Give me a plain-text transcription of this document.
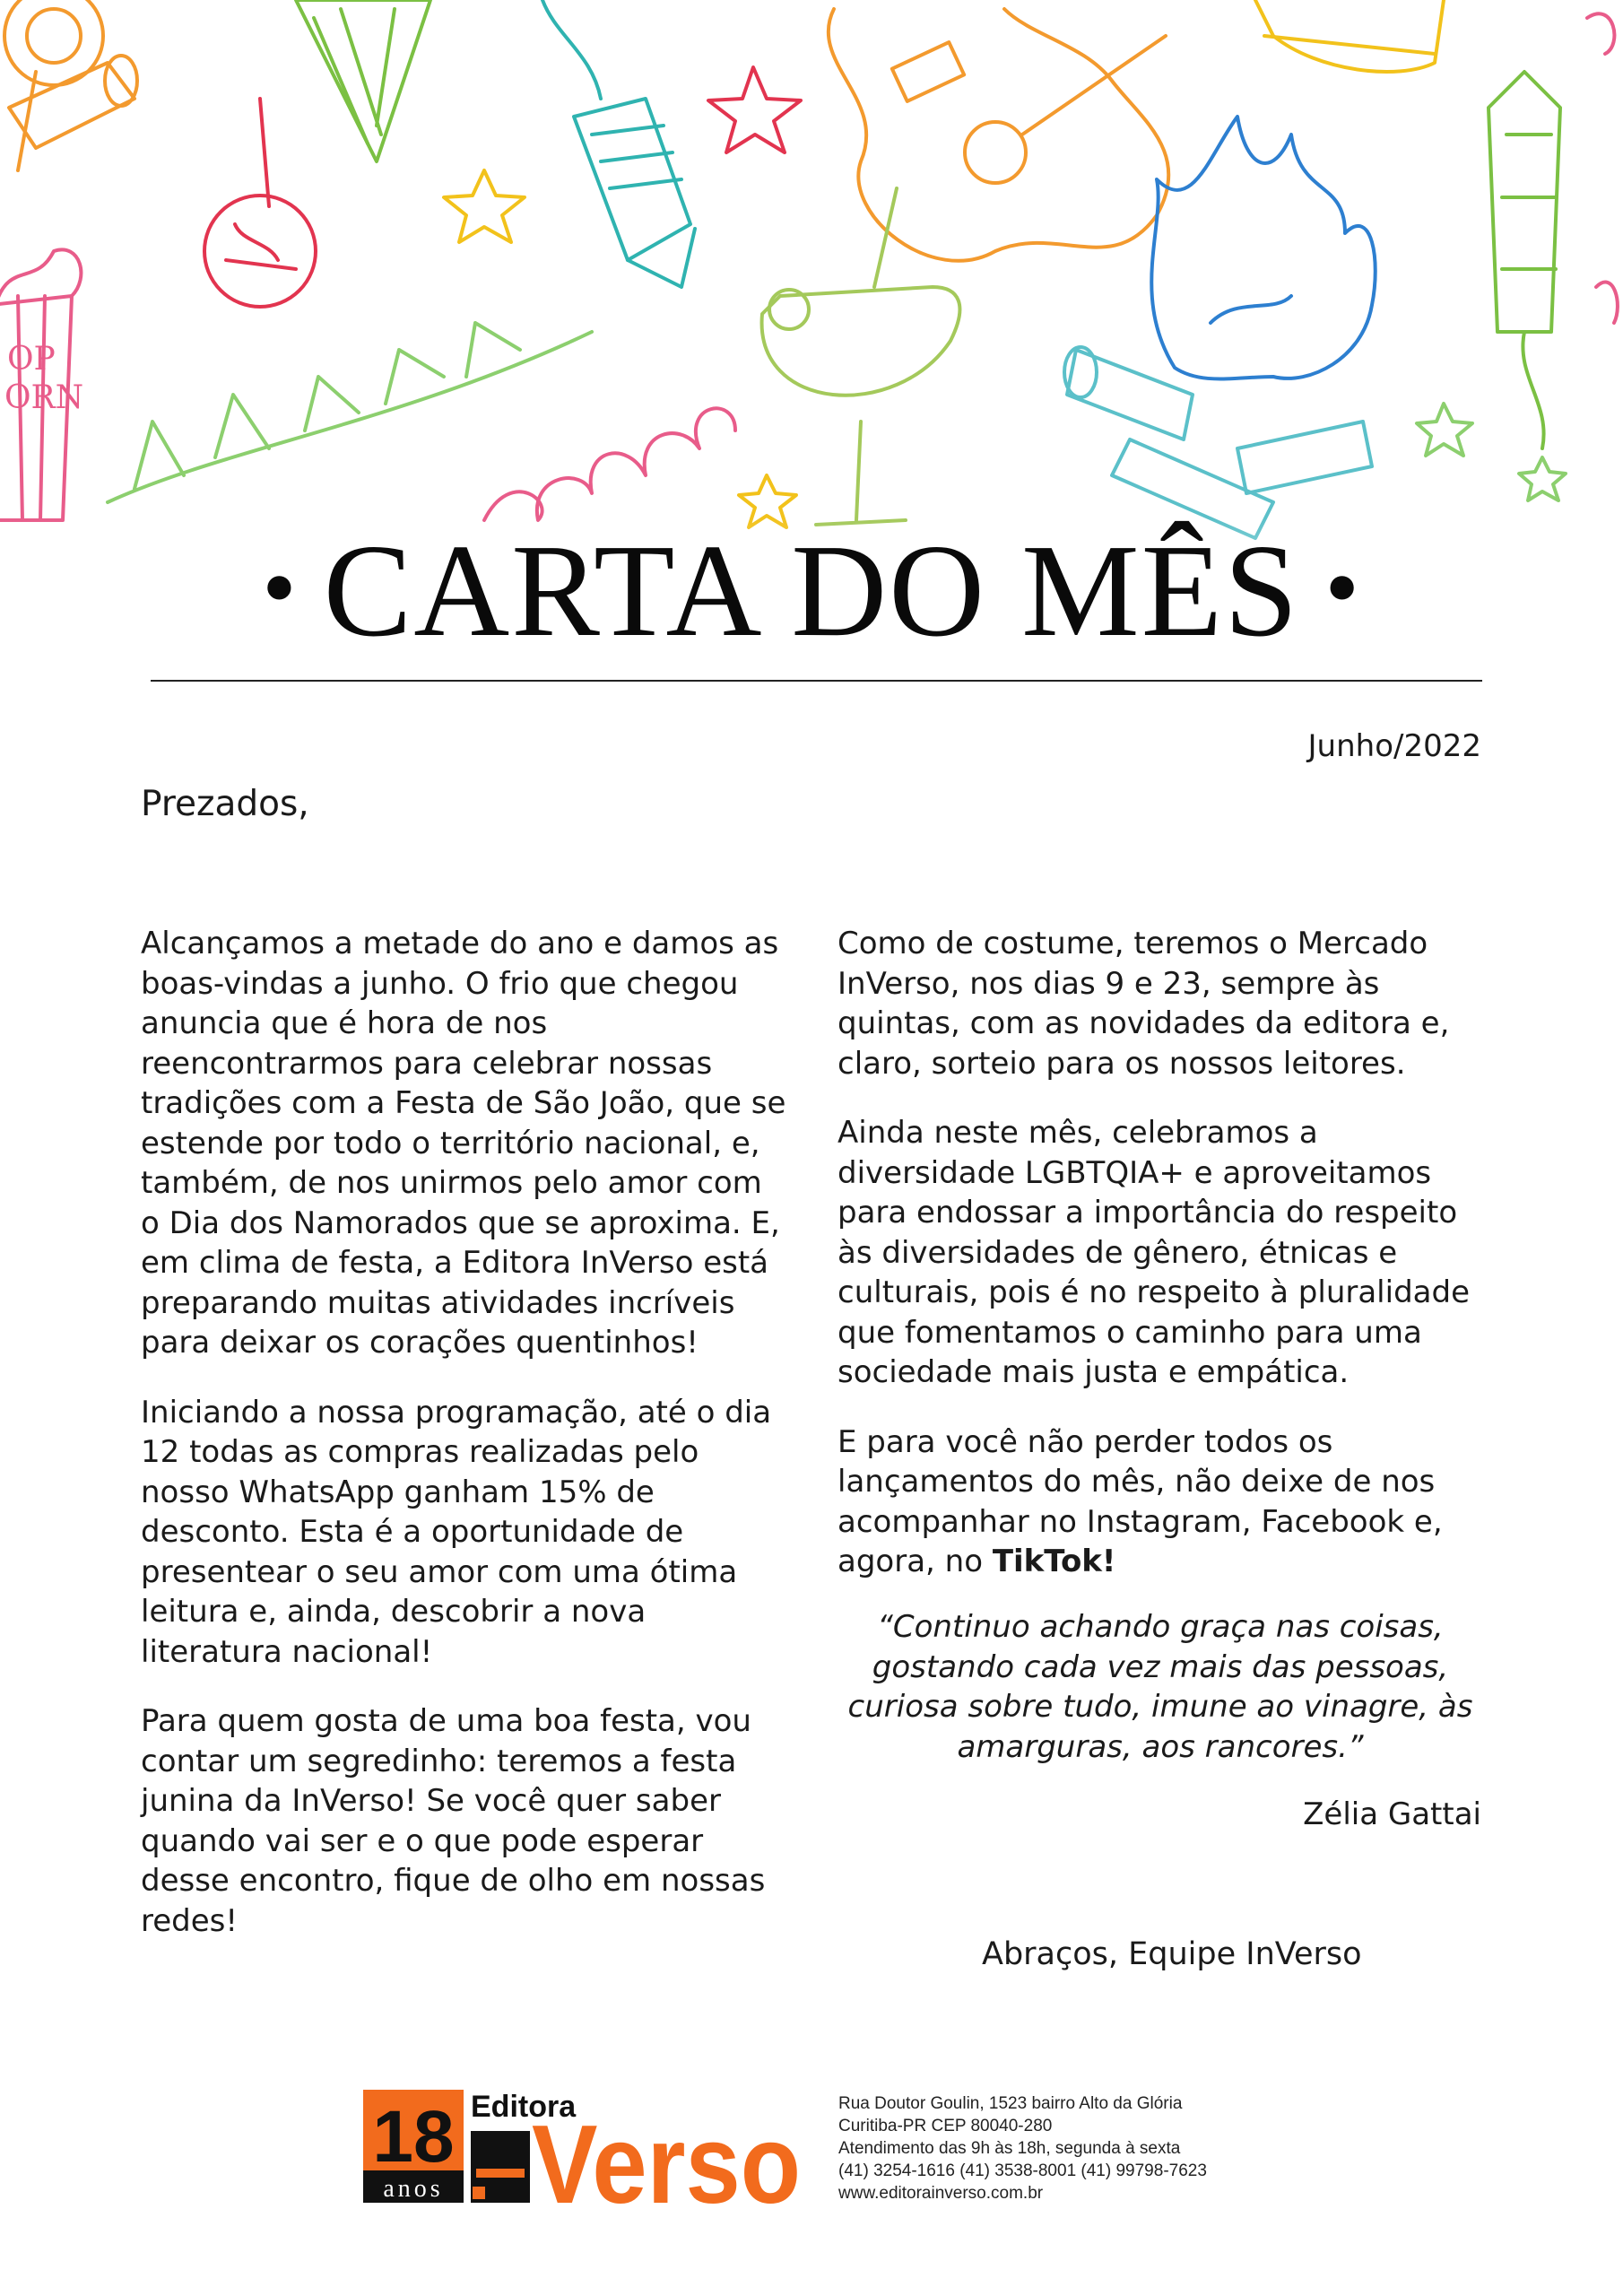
• CARTA DO MÊS •
Junho/2022
Prezados,

Alcançamos a metade do ano e damos as boas-vindas a junho. O frio que chegou anuncia que é hora de nos reencontrarmos para celebrar nossas tradições com a Festa de São João, que se estende por todo o território nacional, e, também, de nos unirmos pelo amor com o Dia dos Namorados que se aproxima. E, em clima de festa, a Editora InVerso está preparando muitas atividades incríveis para deixar os corações quentinhos!

Iniciando a nossa programação, até o dia 12 todas as compras realizadas pelo nosso WhatsApp ganham 15% de desconto. Esta é a oportunidade de presentear o seu amor com uma ótima leitura e, ainda, descobrir a nova literatura nacional!

Para quem gosta de uma boa festa, vou contar um segredinho: teremos a festa junina da InVerso! Se você quer saber quando vai ser e o que pode esperar desse encontro, fique de olho em nossas redes!

Como de costume, teremos o Mercado InVerso, nos dias 9 e 23, sempre às quintas, com as novidades da editora e, claro, sorteio para os nossos leitores.

Ainda neste mês, celebramos a diversidade LGBTQIA+ e aproveitamos para endossar a importância do respeito às diversidades de gênero, étnicas e culturais, pois é no respeito à pluralidade que fomentamos o caminho para uma sociedade mais justa e empática.

E para você não perder todos os lançamentos do mês, não deixe de nos acompanhar no Instagram, Facebook e, agora, no TikTok!

“Continuo achando graça nas coisas, gostando cada vez mais das pessoas, curiosa sobre tudo, imune ao vinagre, às amarguras, aos rancores.”
Zélia Gattai
Abraços, Equipe InVerso
18
anos
Editora
Verso Rua Doutor Goulin, 1523 bairro Alto da Glória
Curitiba-PR CEP 80040-280
Atendimento das 9h às 18h, segunda à sexta
(41) 3254-1616 (41) 3538-8001 (41) 99798-7623
www.editorainverso.com.br
